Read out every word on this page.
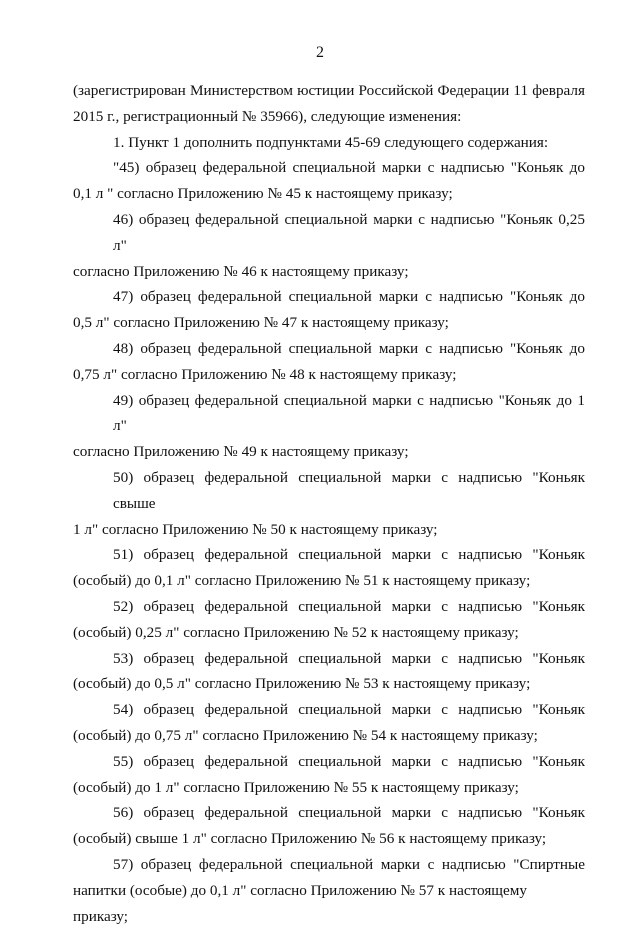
2

(зарегистрирован Министерством юстиции Российской Федерации 11 февраля 2015 г., регистрационный № 35966), следующие изменения:

1. Пункт 1 дополнить подпунктами 45-69 следующего содержания:

"45) образец федеральной специальной марки с надписью "Коньяк до
0,1 л " согласно Приложению № 45 к настоящему приказу;
46) образец федеральной специальной марки с надписью "Коньяк 0,25 л"
согласно Приложению № 46 к настоящему приказу;
47) образец федеральной специальной марки с надписью "Коньяк до
0,5 л" согласно Приложению № 47 к настоящему приказу;
48) образец федеральной специальной марки с надписью "Коньяк до
0,75 л" согласно Приложению № 48 к настоящему приказу;
49) образец федеральной специальной марки с надписью "Коньяк до 1 л"
согласно Приложению № 49 к настоящему приказу;
50) образец федеральной специальной марки с надписью "Коньяк свыше
1 л" согласно Приложению № 50 к настоящему приказу;
51) образец федеральной специальной марки с надписью "Коньяк
(особый) до 0,1 л" согласно Приложению № 51 к настоящему приказу;
52) образец федеральной специальной марки с надписью "Коньяк
(особый) 0,25 л" согласно Приложению № 52 к настоящему приказу;
53) образец федеральной специальной марки с надписью "Коньяк
(особый) до 0,5 л" согласно Приложению № 53 к настоящему приказу;
54) образец федеральной специальной марки с надписью "Коньяк
(особый) до 0,75 л" согласно Приложению № 54 к настоящему приказу;
55) образец федеральной специальной марки с надписью "Коньяк
(особый) до 1 л" согласно Приложению № 55 к настоящему приказу;
56) образец федеральной специальной марки с надписью "Коньяк
(особый) свыше 1 л" согласно Приложению № 56 к настоящему приказу;
57) образец федеральной специальной марки с надписью "Спиртные
напитки (особые) до 0,1 л" согласно Приложению № 57 к настоящему приказу;
